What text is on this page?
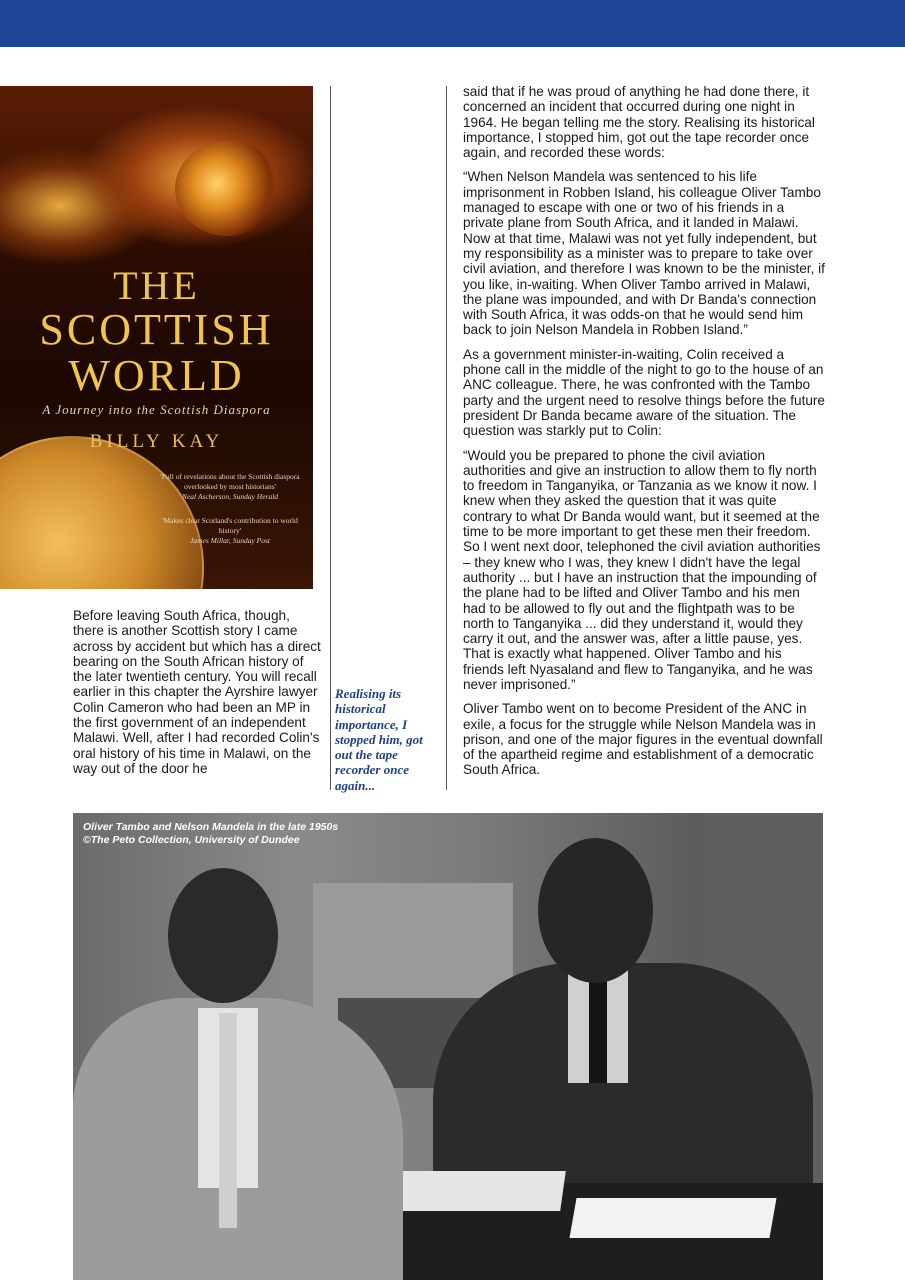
THE

SCOTTISH

WORLD

A Journey into the Scottish Diaspora
BILLY KAY
'Full of revelations about the Scottish diaspora overlooked by most historians'
Neal Ascherson, Sunday Herald
'Makes clear Scotland's contribution to world history'
James Millar, Sunday Post

Before leaving South Africa, though, there is another Scottish story I came across by accident but which has a direct bearing on the South African history of the later twentieth century. You will recall earlier in this chapter the Ayrshire lawyer Colin Cameron who had been an MP in the first government of an independent Malawi. Well, after I had recorded Colin's oral history of his time in Malawi, on the way out of the door he

Realising its historical importance, I stopped him, got out the tape recorder once again...

said that if he was proud of anything he had done there, it concerned an incident that occurred during one night in 1964. He began telling me the story. Realising its historical importance, I stopped him, got out the tape recorder once again, and recorded these words:

“When Nelson Mandela was sentenced to his life imprisonment in Robben Island, his colleague Oliver Tambo managed to escape with one or two of his friends in a private plane from South Africa, and it landed in Malawi. Now at that time, Malawi was not yet fully independent, but my responsibility as a minister was to prepare to take over civil aviation, and therefore I was known to be the minister, if you like, in-waiting. When Oliver Tambo arrived in Malawi, the plane was impounded, and with Dr Banda's connection with South Africa, it was odds-on that he would send him back to join Nelson Mandela in Robben Island.”

As a government minister-in-waiting, Colin received a phone call in the middle of the night to go to the house of an ANC colleague. There, he was confronted with the Tambo party and the urgent need to resolve things before the future president Dr Banda became aware of the situation. The question was starkly put to Colin:

“Would you be prepared to phone the civil aviation authorities and give an instruction to allow them to fly north to freedom in Tanganyika, or Tanzania as we know it now. I knew when they asked the question that it was quite contrary to what Dr Banda would want, but it seemed at the time to be more important to get these men their freedom. So I went next door, telephoned the civil aviation authorities – they knew who I was, they knew I didn't have the legal authority ... but I have an instruction that the impounding of the plane had to be lifted and Oliver Tambo and his men had to be allowed to fly out and the flightpath was to be north to Tanganyika ... did they understand it, would they carry it out, and the answer was, after a little pause, yes. That is exactly what happened. Oliver Tambo and his friends left Nyasaland and flew to Tanganyika, and he was never imprisoned.”

Oliver Tambo went on to become President of the ANC in exile, a focus for the struggle while Nelson Mandela was in prison, and one of the major figures in the eventual downfall of the apartheid regime and establishment of a democratic South Africa.

Oliver Tambo and Nelson Mandela in the late 1950s
©The Peto Collection, University of Dundee
